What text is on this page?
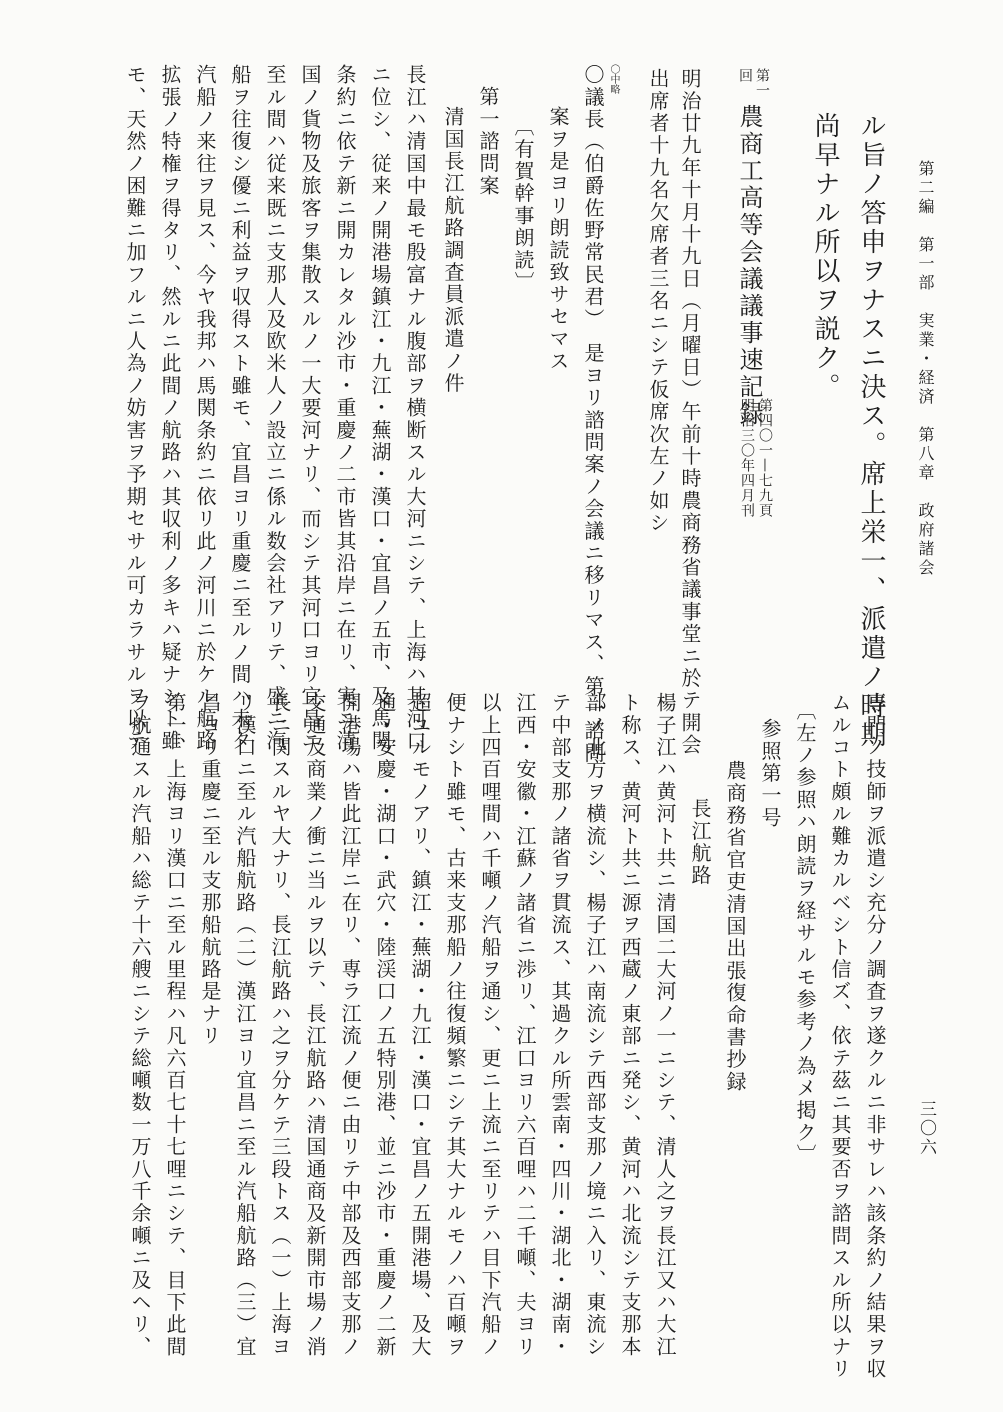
第二編　第一部　実業・経済　第八章　政府諸会
三〇六
ル旨ノ答申ヲナスニ決ス。席上栄一、派遣ノ時期
尚早ナル所以ヲ説ク。
第四〇一—七九頁
明治三〇年四月刊
第一
回
農商工高等会議議事速記録
明治廿九年十月十九日（月曜日）午前十時農商務省議事堂ニ於テ開会
出席者十九名欠席者三名ニシテ仮席次左ノ如シ
〇中略
〇議長（伯爵佐野常民君）　是ヨリ諮問案ノ会議ニ移リマス、第一諮問
案ヲ是ヨリ朗読致サセマス
〔有賀幹事朗読〕
第一諮問案
清国長江航路調査員派遣ノ件
長江ハ清国中最モ殷富ナル腹部ヲ横断スル大河ニシテ、上海ハ其河口
ニ位シ、従来ノ開港場鎮江・九江・蕪湖・漢口・宜昌ノ五市、及馬関
条約ニ依テ新ニ開カレタル沙市・重慶ノ二市皆其沿岸ニ在リ、実ニ清
国ノ貨物及旅客ヲ集散スルノ一大要河ナリ、而シテ其河口ヨリ宜昌ニ
至ル間ハ従来既ニ支那人及欧米人ノ設立ニ係ル数会社アリテ、盛ニ汽
船ヲ往復シ優ニ利益ヲ収得スト雖モ、宜昌ヨリ重慶ニ至ルノ間ハ未タ
汽船ノ来往ヲ見ス、今ヤ我邦ハ馬関条約ニ依リ此ノ河川ニ於ケル航路
拡張ノ特権ヲ得タリ、然ルニ此間ノ航路ハ其収利ノ多キハ疑ナシト雖
モ、天然ノ困難ニ加フルニ人為ノ妨害ヲ予期セサル可カラサルヲ以テ
専門ノ技師ヲ派遣シ充分ノ調査ヲ遂クルニ非サレハ該条約ノ結果ヲ収
ムルコト頗ル難カルベシト信ズ、依テ茲ニ其要否ヲ諮問スル所以ナリ
〔左ノ参照ハ朗読ヲ経サルモ参考ノ為メ掲ク〕
参照第一号
農商務省官吏清国出張復命書抄録
長江航路
楊子江ハ黄河ト共ニ清国二大河ノ一ニシテ、清人之ヲ長江又ハ大江
ト称ス、黄河ト共ニ源ヲ西蔵ノ東部ニ発シ、黄河ハ北流シテ支那本
部ノ北方ヲ横流シ、楊子江ハ南流シテ西部支那ノ境ニ入リ、東流シ
テ中部支那ノ諸省ヲ貫流ス、其過クル所雲南・四川・湖北・湖南・
江西・安徽・江蘇ノ諸省ニ渉リ、江口ヨリ六百哩ハ二千噸、夫ヨリ
以上四百哩間ハ千噸ノ汽船ヲ通シ、更ニ上流ニ至リテハ目下汽船ノ
便ナシト雖モ、古来支那船ノ往復頻繁ニシテ其大ナルモノハ百噸ヲ
超ユルモノアリ、鎮江・蕪湖・九江・漢口・宜昌ノ五開港場、及大
通・安慶・湖口・武穴・陸渓口ノ五特別港、並ニ沙市・重慶ノ二新
開港場ハ皆此江岸ニ在リ、専ラ江流ノ便ニ由リテ中部及西部支那ノ
交通及商業ノ衝ニ当ルヲ以テ、長江航路ハ清国通商及新開市場ノ消
長ニ関スルヤ大ナリ、長江航路ハ之ヲ分ケテ三段トス（一）上海ヨ
リ漢口ニ至ル汽船航路（二）漢江ヨリ宜昌ニ至ル汽船航路（三）宜
昌ヨリ重慶ニ至ル支那船航路是ナリ
第一、上海ヨリ漢口ニ至ル里程ハ凡六百七十七哩ニシテ、目下此間
ヲ航通スル汽船ハ総テ十六艘ニシテ総噸数一万八千余噸ニ及ヘリ、
